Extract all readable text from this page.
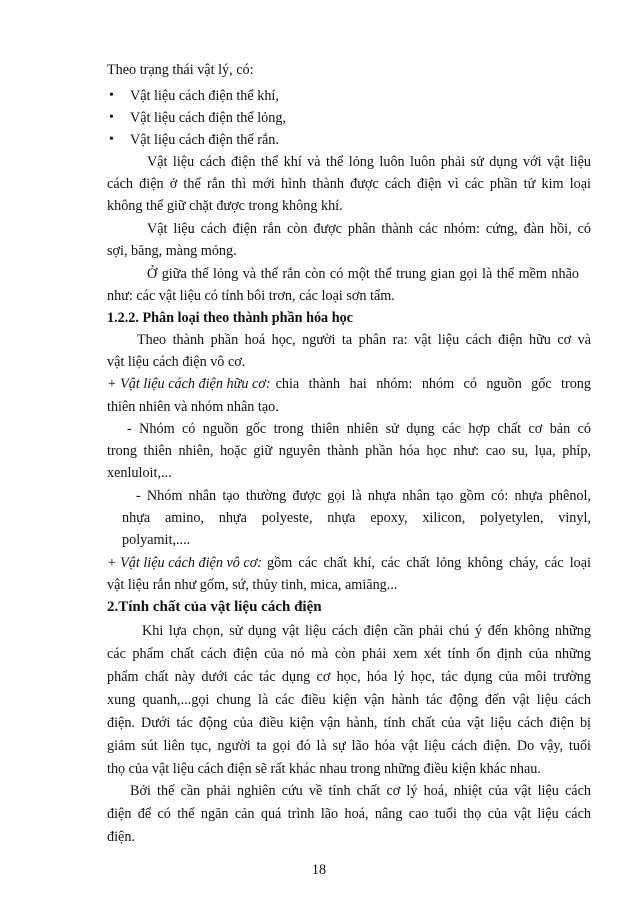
Theo trạng thái vật lý, có:
• Vật liệu cách điện thể khí,
• Vật liệu cách điện thể lỏng,
• Vật liệu cách điện thể rắn.
Vật liệu cách điện thể khí và thể lỏng luôn luôn phải sử dụng với vật liệu
cách điện ở thể rắn thì mới hình thành được cách điện vì các phần tử kim loại
không thể giữ chặt được trong không khí.
Vật liệu cách điện rắn còn được phân thành các nhóm: cứng, đàn hồi, có
sợi, băng, màng mỏng.
Ở giữa thể lỏng và thể rắn còn có một thể trung gian gọi là thể mềm nhão
như: các vật liệu có tính bôi trơn, các loại sơn tẩm.
1.2.2. Phân loại theo thành phần hóa học
Theo thành phần hoá học, người ta phân ra: vật liệu cách điện hữu cơ và
vật liệu cách điện vô cơ.
+ Vật liệu cách điện hữu cơ: chia thành hai nhóm: nhóm có nguồn gốc trong
thiên nhiên và nhóm nhân tạo.
- Nhóm có nguồn gốc trong thiên nhiên sử dụng các hợp chất cơ bản có
trong thiên nhiên, hoặc giữ nguyên thành phần hóa học như: cao su, lụa, phíp,
xenluloit,...
- Nhóm nhân tạo thường được gọi là nhựa nhân tạo gồm có: nhựa phênol,
nhựa amino, nhựa polyeste, nhựa epoxy, xilicon, polyetylen, vinyl,
polyamit,....
+ Vật liệu cách điện vô cơ: gồm các chất khí, các chất lỏng không cháy, các loại
vật liệu rắn như gốm, sứ, thủy tinh, mica, amiăng...
2.Tính chất của vật liệu cách điện
Khi lựa chọn, sử dụng vật liệu cách điện cần phải chú ý đến không những
các phẩm chất cách điện của nó mà còn phải xem xét tính ổn định của những
phẩm chất này dưới các tác dụng cơ học, hóa lý học, tác dụng của môi trường
xung quanh,...gọi chung là các điều kiện vận hành tác động đến vật liệu cách
điện. Dưới tác động của điều kiện vận hành, tính chất của vật liệu cách điện bị
giảm sút liên tục, người ta gọi đó là sự lão hóa vật liệu cách điện. Do vậy, tuổi
thọ của vật liệu cách điện sẽ rất khác nhau trong những điều kiện khác nhau.
Bởi thế cần phải nghiên cứu về tính chất cơ lý hoá, nhiệt của vật liệu cách
điện để có thể ngăn cản quá trình lão hoá, nâng cao tuổi thọ của vật liệu cách
điện.
18
